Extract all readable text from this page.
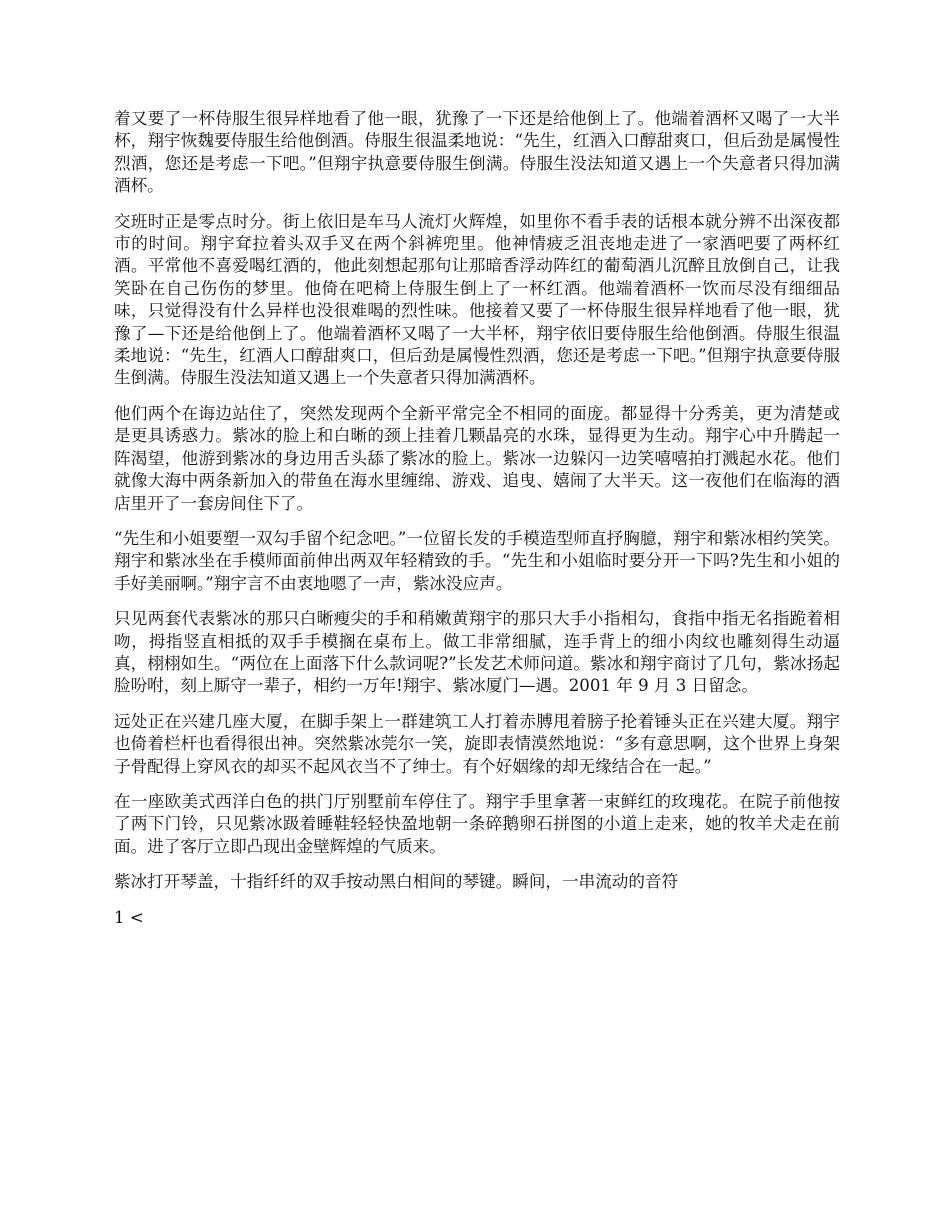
着又要了一杯侍服生很异样地看了他一眼，犹豫了一下还是给他倒上了。他端着酒杯又喝了一大半杯，翔宇恢魏要侍服生给他倒酒。侍服生很温柔地说：“先生，红酒入口醇甜爽口，但后劲是属慢性烈酒，您还是考虑一下吧。”但翔宇执意要侍服生倒满。侍服生没法知道又遇上一个失意者只得加满酒杯。

交班时正是零点时分。街上依旧是车马人流灯火辉煌，如里你不看手表的话根本就分辨不出深夜都市的时间。翔宇耷拉着头双手叉在两个斜裤兜里。他神情疲乏沮丧地走进了一家酒吧要了两杯红酒。平常他不喜爱喝红酒的，他此刻想起那句让那暗香浮动阵红的葡萄酒儿沉醉且放倒自己，让我笑卧在自己伤伤的梦里。他倚在吧椅上侍服生倒上了一杯红酒。他端着酒杯一饮而尽没有细细品味，只觉得没有什么异样也没很难喝的烈性味。他接着又要了一杯侍服生很异样地看了他一眼，犹豫了—下还是给他倒上了。他端着酒杯又喝了一大半杯，翔宇依旧要侍服生给他倒酒。侍服生很温柔地说：“先生，红酒人口醇甜爽口，但后劲是属慢性烈酒，您还是考虑一下吧。”但翔宇执意要侍服生倒满。侍服生没法知道又遇上一个失意者只得加满酒杯。

他们两个在诲边站住了，突然发现两个全新平常完全不相同的面庞。都显得十分秀美，更为清楚或是更具诱惑力。紫冰的脸上和白晰的颈上挂着几颗晶亮的水珠，显得更为生动。翔宇心中升腾起一阵渴望，他游到紫冰的身边用舌头舔了紫冰的脸上。紫冰一边躲闪一边笑嘻嘻拍打溅起水花。他们就像大海中两条新加入的带鱼在海水里缠绵、游戏、追曳、嬉闹了大半天。这一夜他们在临海的酒店里开了一套房间住下了。

“先生和小姐要塑一双勾手留个纪念吧。”一位留长发的手模造型师直抒胸臆，翔宇和紫冰相约笑笑。翔宇和紫冰坐在手模师面前伸出两双年轻精致的手。“先生和小姐临时要分开一下吗?先生和小姐的手好美丽啊。”翔宇言不由衷地嗯了一声，紫冰没应声。

只见两套代表紫冰的那只白晰瘦尖的手和稍嫩黄翔宇的那只大手小指相勾，食指中指无名指跪着相吻，拇指竖直相抵的双手手模搁在桌布上。做工非常细腻，连手背上的细小肉纹也雕刻得生动逼真，栩栩如生。“两位在上面落下什么款词呢?”长发艺术师问道。紫冰和翔宇商讨了几句，紫冰扬起脸吩咐，刻上厮守一辈子，相约一万年!翔宇、紫冰厦门—遇。2001 年 9 月 3 日留念。

远处正在兴建几座大厦，在脚手架上一群建筑工人打着赤膊甩着膀子抡着锤头正在兴建大厦。翔宇也倚着栏杆也看得很出神。突然紫冰莞尔一笑，旋即表情漠然地说：“多有意思啊，这个世界上身架子骨配得上穿风衣的却买不起风衣当不了绅士。有个好姻缘的却无缘结合在一起。”

在一座欧美式西洋白色的拱门厅别墅前车停住了。翔宇手里拿著一束鲜红的玫瑰花。在院子前他按了两下门铃，只见紫冰趿着睡鞋轻轻快盈地朝一条碎鹅卵石拼图的小道上走来，她的牧羊犬走在前面。进了客厅立即凸现出金壁辉煌的气质来。

紫冰打开琴盖，十指纤纤的双手按动黑白相间的琴键。瞬间，一串流动的音符

1 <
